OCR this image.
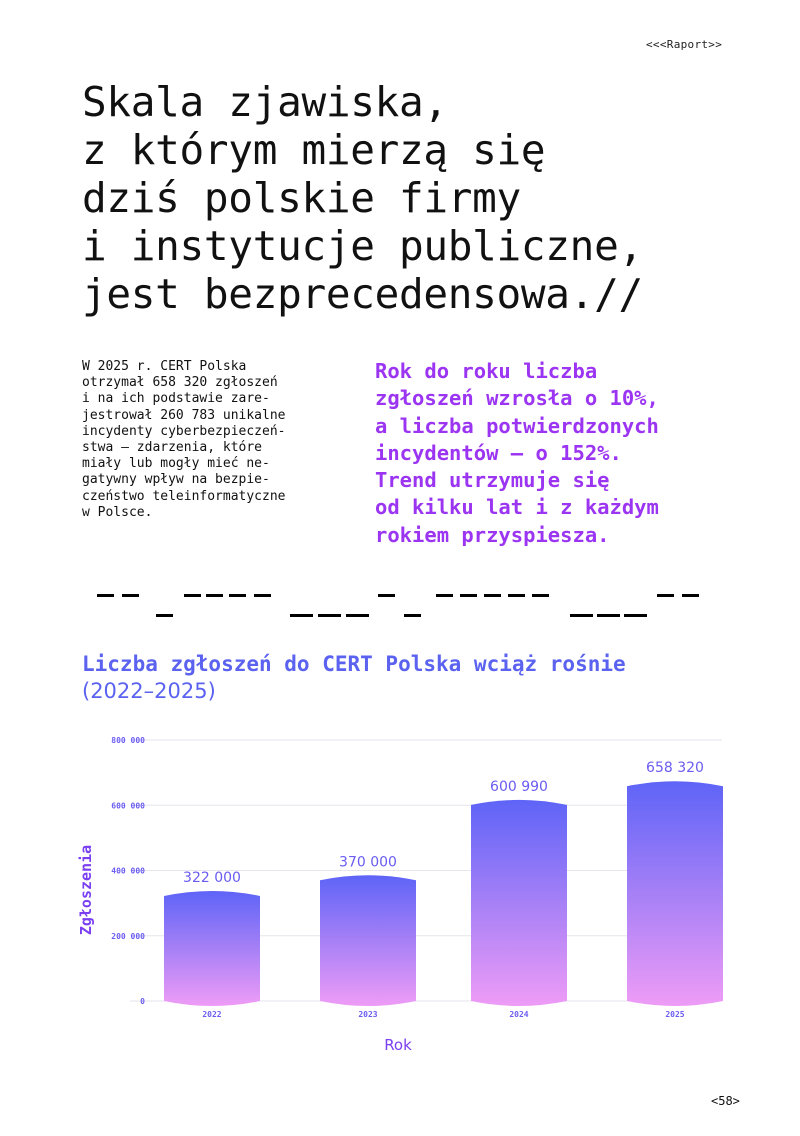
<<<Raport>>
Skala zjawiska,
z którym mierzą się
dziś polskie firmy
i instytucje publiczne,
jest bezprecedensowa.//
W 2025 r. CERT Polska
otrzymał 658 320 zgłoszeń
i na ich podstawie zare-
jestrował 260 783 unikalne
incydenty cyberbezpieczeń-
stwa – zdarzenia, które
miały lub mogły mieć ne-
gatywny wpływ na bezpie-
czeństwo teleinformatyczne
w Polsce.
Rok do roku liczba
zgłoszeń wzrosła o 10%,
a liczba potwierdzonych
incydentów – o 152%.
Trend utrzymuje się
od kilku lat i z każdym
rokiem przyspiesza.
Liczba zgłoszeń do CERT Polska wciąż rośnie
(2022–2025)
0
200 000
400 000
600 000
800 000
322 000
2022
370 000
2023
600 990
2024
658 320
2025
Rok
Zgłoszenia
<58>
